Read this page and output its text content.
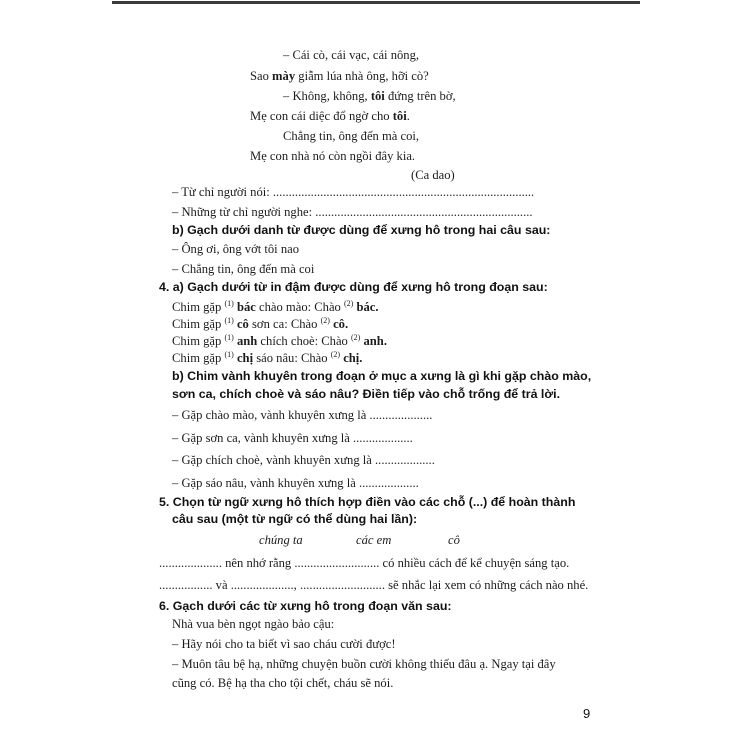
– Cái cò, cái vạc, cái nông,
Sao mày giẫm lúa nhà ông, hỡi cò?
– Không, không, tôi đứng trên bờ,
Mẹ con cái diệc đổ ngờ cho tôi.
Chẳng tin, ông đến mà coi,
Mẹ con nhà nó còn ngồi đây kia.
(Ca dao)
– Từ chỉ người nói: ...................................................................................
– Những từ chỉ người nghe: .....................................................................
b) Gạch dưới danh từ được dùng để xưng hô trong hai câu sau:
– Ông ơi, ông vớt tôi nao
– Chẳng tin, ông đến mà coi
4. a) Gạch dưới từ in đậm được dùng để xưng hô trong đoạn sau:
Chim gặp $^{(1)}$ bác chào mào: Chào $^{(2)}$ bác.
Chim gặp $^{(1)}$ cô sơn ca: Chào $^{(2)}$ cô.
Chim gặp $^{(1)}$ anh chích choè: Chào $^{(2)}$ anh.
Chim gặp $^{(1)}$ chị sáo nâu: Chào $^{(2)}$ chị.
b) Chim vành khuyên trong đoạn ở mục a xưng là gì khi gặp chào mào,
sơn ca, chích choè và sáo nâu? Điền tiếp vào chỗ trống để trả lời.
– Gặp chào mào, vành khuyên xưng là ....................
– Gặp sơn ca, vành khuyên xưng là ...................
– Gặp chích choè, vành khuyên xưng là ...................
– Gặp sáo nâu, vành khuyên xưng là ...................
5. Chọn từ ngữ xưng hô thích hợp điền vào các chỗ (...) để hoàn thành
câu sau (một từ ngữ có thể dùng hai lần):
chúng ta	các em	cô
.................... nên nhớ rằng ........................... có nhiều cách để kể chuyện sáng tạo.
................. và ...................., ........................... sẽ nhắc lại xem có những cách nào nhé.
6. Gạch dưới các từ xưng hô trong đoạn văn sau:
Nhà vua bèn ngọt ngào bảo cậu:
– Hãy nói cho ta biết vì sao cháu cười được!
– Muôn tâu bệ hạ, những chuyện buồn cười không thiếu đâu ạ. Ngay tại đây
cũng có. Bệ hạ tha cho tội chết, cháu sẽ nói.
9
